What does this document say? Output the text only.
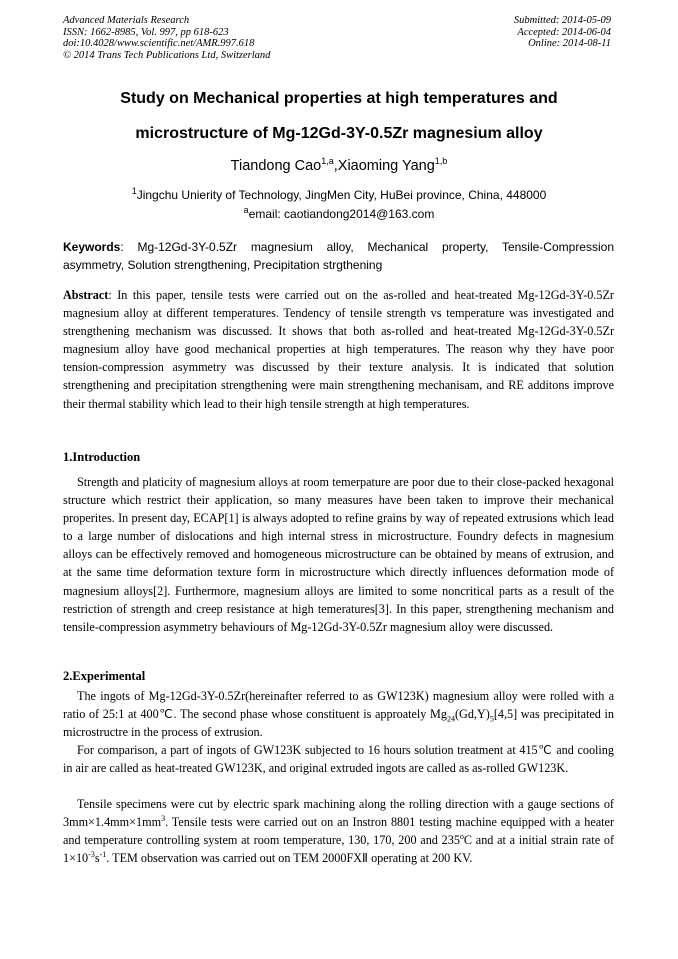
Advanced Materials Research
ISSN: 1662-8985, Vol. 997, pp 618-623
doi:10.4028/www.scientific.net/AMR.997.618
© 2014 Trans Tech Publications Ltd, Switzerland
Submitted: 2014-05-09
Accepted: 2014-06-04
Online: 2014-08-11
Study on Mechanical properties at high temperatures and
microstructure of Mg-12Gd-3Y-0.5Zr magnesium alloy
Tiandong Cao$^{1,a}$,Xiaoming Yang$^{1,b}$
$^1$Jingchu Unierity of Technology, JingMen City, HuBei province, China, 448000
$^a$email: caotiandong2014@163.com
Keywords: Mg-12Gd-3Y-0.5Zr magnesium alloy, Mechanical property, Tensile-Compression asymmetry, Solution strengthening, Precipitation strgthening
Abstract: In this paper, tensile tests were carried out on the as-rolled and heat-treated Mg-12Gd-3Y-0.5Zr magnesium alloy at different temperatures. Tendency of tensile strength vs temperature was investigated and strengthening mechanism was discussed. It shows that both as-rolled and heat-treated Mg-12Gd-3Y-0.5Zr magnesium alloy have good mechanical properties at high temperatures. The reason why they have poor tension-compression asymmetry was discussed by their texture analysis. It is indicated that solution strengthening and precipitation strengthening were main strengthening mechanisam, and RE additons improve their thermal stability which lead to their high tensile strength at high temperatures.
1.Introduction
Strength and platicity of magnesium alloys at room temerpature are poor due to their close-packed hexagonal structure which restrict their application, so many measures have been taken to improve their mechanical properites. In present day, ECAP[1] is always adopted to refine grains by way of repeated extrusions which lead to a large number of dislocations and high internal stress in microstructure. Foundry defects in magnesium alloys can be effectively removed and homogeneous microstructure can be obtained by means of extrusion, and at the same time deformation texture form in microstructure which directly influences deformation mode of magnesium alloys[2]. Furthermore, magnesium alloys are limited to some noncritical parts as a result of the restriction of strength and creep resistance at high temeratures[3]. In this paper, strengthening mechanism and tensile-compression asymmetry behaviours of Mg-12Gd-3Y-0.5Zr magnesium alloy were discussed.
2.Experimental
The ingots of Mg-12Gd-3Y-0.5Zr(hereinafter referred to as GW123K) magnesium alloy were rolled with a ratio of 25:1 at 400℃. The second phase whose constituent is approately $Mg_{24}(Gd,Y)_5[4,5]$ was precipitated in microstructre in the process of extrusion.
For comparison, a part of ingots of GW123K subjected to 16 hours solution treatment at 415℃ and cooling in air are called as heat-treated GW123K, and original extruded ingots are called as as-rolled GW123K.
Tensile specimens were cut by electric spark machining along the rolling direction with a gauge sections of $3mm\times 1.4mm\times 1mm^3$. Tensile tests were carried out on an Instron 8801 testing machine equipped with a heater and temperature controlling system at room temperature, 130, 170, 200 and 235$^o$C and at a initial strain rate of $1\times 10^{-3}s^{-1}$. TEM observation was carried out on TEM 2000FXⅡ operating at 200 KV.
